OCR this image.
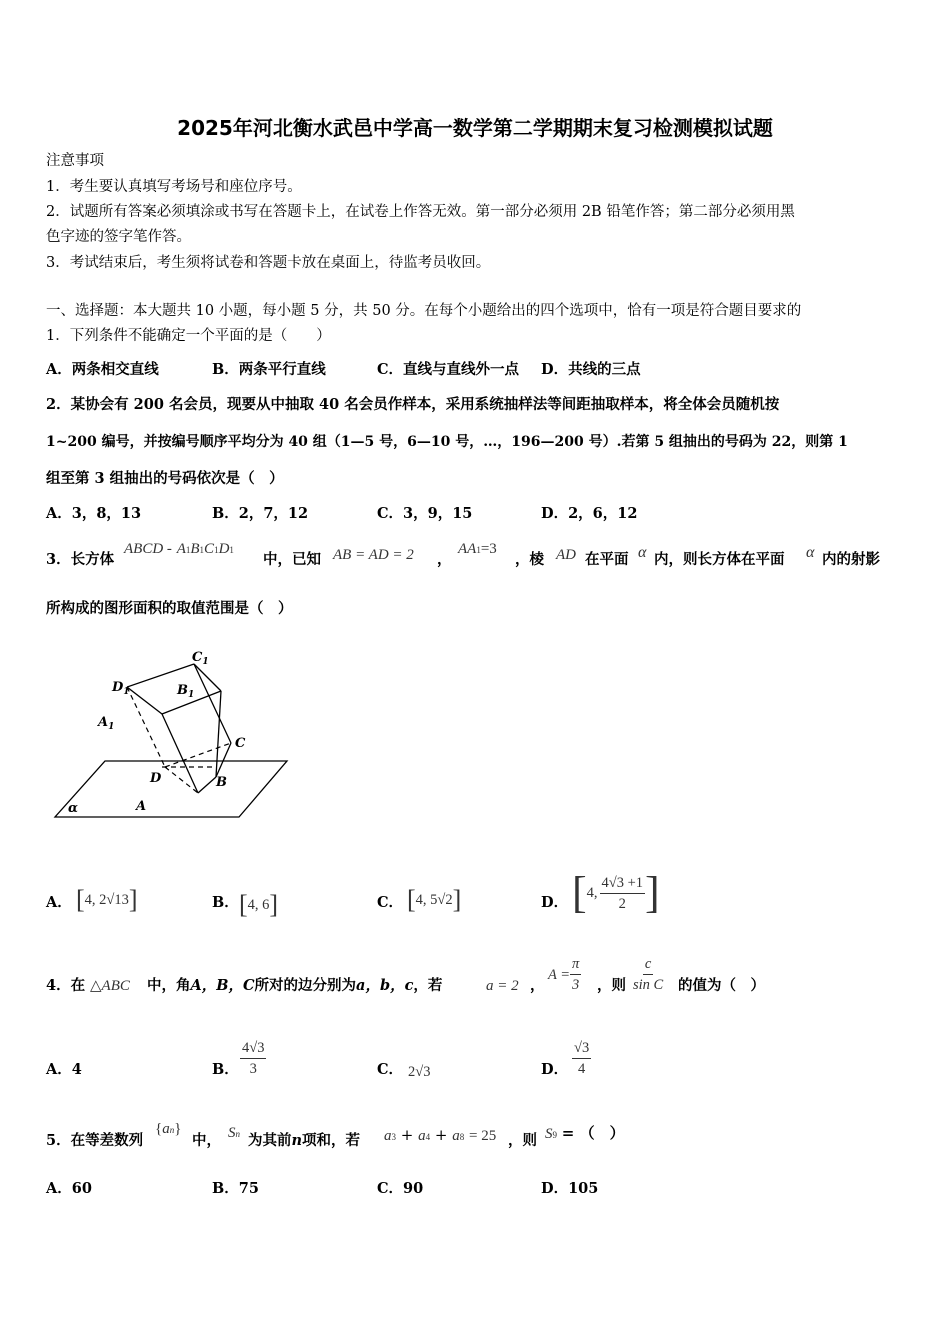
2025年河北衡水武邑中学高一数学第二学期期末复习检测模拟试题
注意事项
1．考生要认真填写考场号和座位序号。
2．试题所有答案必须填涂或书写在答题卡上，在试卷上作答无效。第一部分必须用 2B 铅笔作答；第二部分必须用黑
色字迹的签字笔作答。
3．考试结束后，考生须将试卷和答题卡放在桌面上，待监考员收回。
一、选择题：本大题共 10 小题，每小题 5 分，共 50 分。在每个小题给出的四个选项中，恰有一项是符合题目要求的
1．下列条件不能确定一个平面的是（　　）
A．两条相交直线	B．两条平行直线	C．直线与直线外一点 D．共线的三点
2．某协会有 200 名会员，现要从中抽取 40 名会员作样本，采用系统抽样法等间距抽取样本，将全体会员随机按
1~200 编号，并按编号顺序平均分为 40 组（1—5 号，6—10 号，…，196—200 号）.若第 5 组抽出的号码为 22，则第 1
组至第 3 组抽出的号码依次是（　）
A．3，8，13	B．2，7，12	C．3，9，15	D．2，6，12
3．长方体
ABCD - A1B1C1D1
中，已知 AB = AD = 2 ，
AA1=3
，棱 AD 在平面 α 内，则长方体在平面 α 内的射影
所构成的图形面积的取值范围是（　）
$C_1$
$D_1$	$B_1$
$A_1$
C
D	B
A
α
A． [4, 2√13]	B． [4, 6]	C． [4, 5√2]	D． [ 4, $\frac{4√3 +1}{2}$ ]
4．在 △ABC 中，角A，B，C所对的边分别为a，b，c，若	a = 2 ，
$A = \frac{\pi}{3}$ ，则 $\frac{c}{\text{sin C}}$ 的值为（　）
A．4	B． $\frac{4√3}{3}$	C． 2√3	D． $\frac{√3}{4}$
5．在等差数列
{an}
中， Sn 为其前n项和，若 a3 + a4 + a8 = 25 ，则 S9 = （　）
A．60	B．75	C．90	D．105
